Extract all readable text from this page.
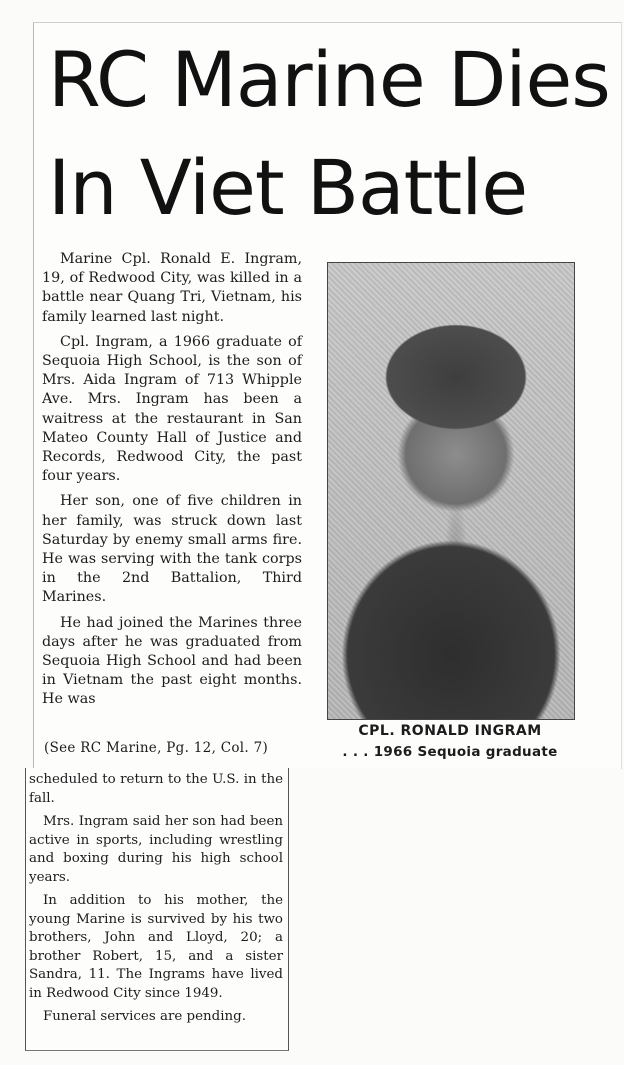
RC Marine Dies
In Viet Battle

Marine Cpl. Ronald E. Ingram, 19, of Redwood City, was killed in a battle near Quang Tri, Vietnam, his family learned last night.

Cpl. Ingram, a 1966 graduate of Sequoia High School, is the son of Mrs. Aida Ingram of 713 Whipple Ave. Mrs. Ingram has been a waitress at the restaurant in San Mateo County Hall of Justice and Records, Redwood City, the past four years.

Her son, one of five children in her family, was struck down last Saturday by enemy small arms fire. He was serving with the tank corps in the 2nd Battalion, Third Marines.

He had joined the Marines three days after he was graduated from Sequoia High School and had been in Vietnam the past eight months. He was

(See RC Marine, Pg. 12, Col. 7)
CPL. RONALD INGRAM
. . . 1966 Sequoia graduate

scheduled to return to the U.S. in the fall.

Mrs. Ingram said her son had been active in sports, including wrestling and boxing during his high school years.

In addition to his mother, the young Marine is survived by his two brothers, John and Lloyd, 20; a brother Robert, 15, and a sister Sandra, 11. The Ingrams have lived in Redwood City since 1949.

Funeral services are pending.
